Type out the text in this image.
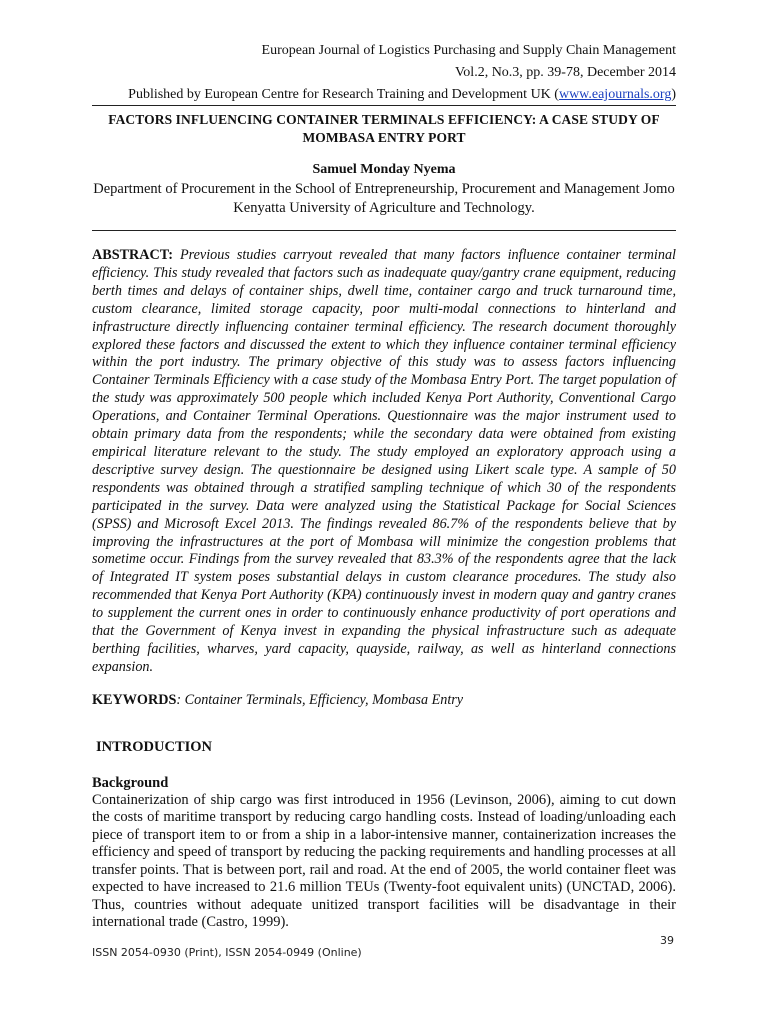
European Journal of Logistics Purchasing and Supply Chain Management
Vol.2, No.3, pp. 39-78, December 2014
Published by European Centre for Research Training and Development UK (www.eajournals.org)
FACTORS INFLUENCING CONTAINER TERMINALS EFFICIENCY: A CASE STUDY OF MOMBASA ENTRY PORT
Samuel Monday Nyema
Department of Procurement in the School of Entrepreneurship, Procurement and Management Jomo Kenyatta University of Agriculture and Technology.
ABSTRACT: Previous studies carryout revealed that many factors influence container terminal efficiency. This study revealed that factors such as inadequate quay/gantry crane equipment, reducing berth times and delays of container ships, dwell time, container cargo and truck turnaround time, custom clearance, limited storage capacity, poor multi-modal connections to hinterland and infrastructure directly influencing container terminal efficiency. The research document thoroughly explored these factors and discussed the extent to which they influence container terminal efficiency within the port industry. The primary objective of this study was to assess factors influencing Container Terminals Efficiency with a case study of the Mombasa Entry Port. The target population of the study was approximately 500 people which included Kenya Port Authority, Conventional Cargo Operations, and Container Terminal Operations. Questionnaire was the major instrument used to obtain primary data from the respondents; while the secondary data were obtained from existing empirical literature relevant to the study. The study employed an exploratory approach using a descriptive survey design. The questionnaire be designed using Likert scale type. A sample of 50 respondents was obtained through a stratified sampling technique of which 30 of the respondents participated in the survey. Data were analyzed using the Statistical Package for Social Sciences (SPSS) and Microsoft Excel 2013. The findings revealed 86.7% of the respondents believe that by improving the infrastructures at the port of Mombasa will minimize the congestion problems that sometime occur. Findings from the survey revealed that 83.3% of the respondents agree that the lack of Integrated IT system poses substantial delays in custom clearance procedures. The study also recommended that Kenya Port Authority (KPA) continuously invest in modern quay and gantry cranes to supplement the current ones in order to continuously enhance productivity of port operations and that the Government of Kenya invest in expanding the physical infrastructure such as adequate berthing facilities, wharves, yard capacity, quayside, railway, as well as hinterland connections expansion.
KEYWORDS: Container Terminals, Efficiency, Mombasa Entry
INTRODUCTION
Background
Containerization of ship cargo was first introduced in 1956 (Levinson, 2006), aiming to cut down the costs of maritime transport by reducing cargo handling costs. Instead of loading/unloading each piece of transport item to or from a ship in a labor-intensive manner, containerization increases the efficiency and speed of transport by reducing the packing requirements and handling processes at all transfer points. That is between port, rail and road. At the end of 2005, the world container fleet was expected to have increased to 21.6 million TEUs (Twenty-foot equivalent units) (UNCTAD, 2006). Thus, countries without adequate unitized transport facilities will be disadvantage in their international trade (Castro, 1999).
39
ISSN 2054-0930 (Print), ISSN 2054-0949 (Online)
